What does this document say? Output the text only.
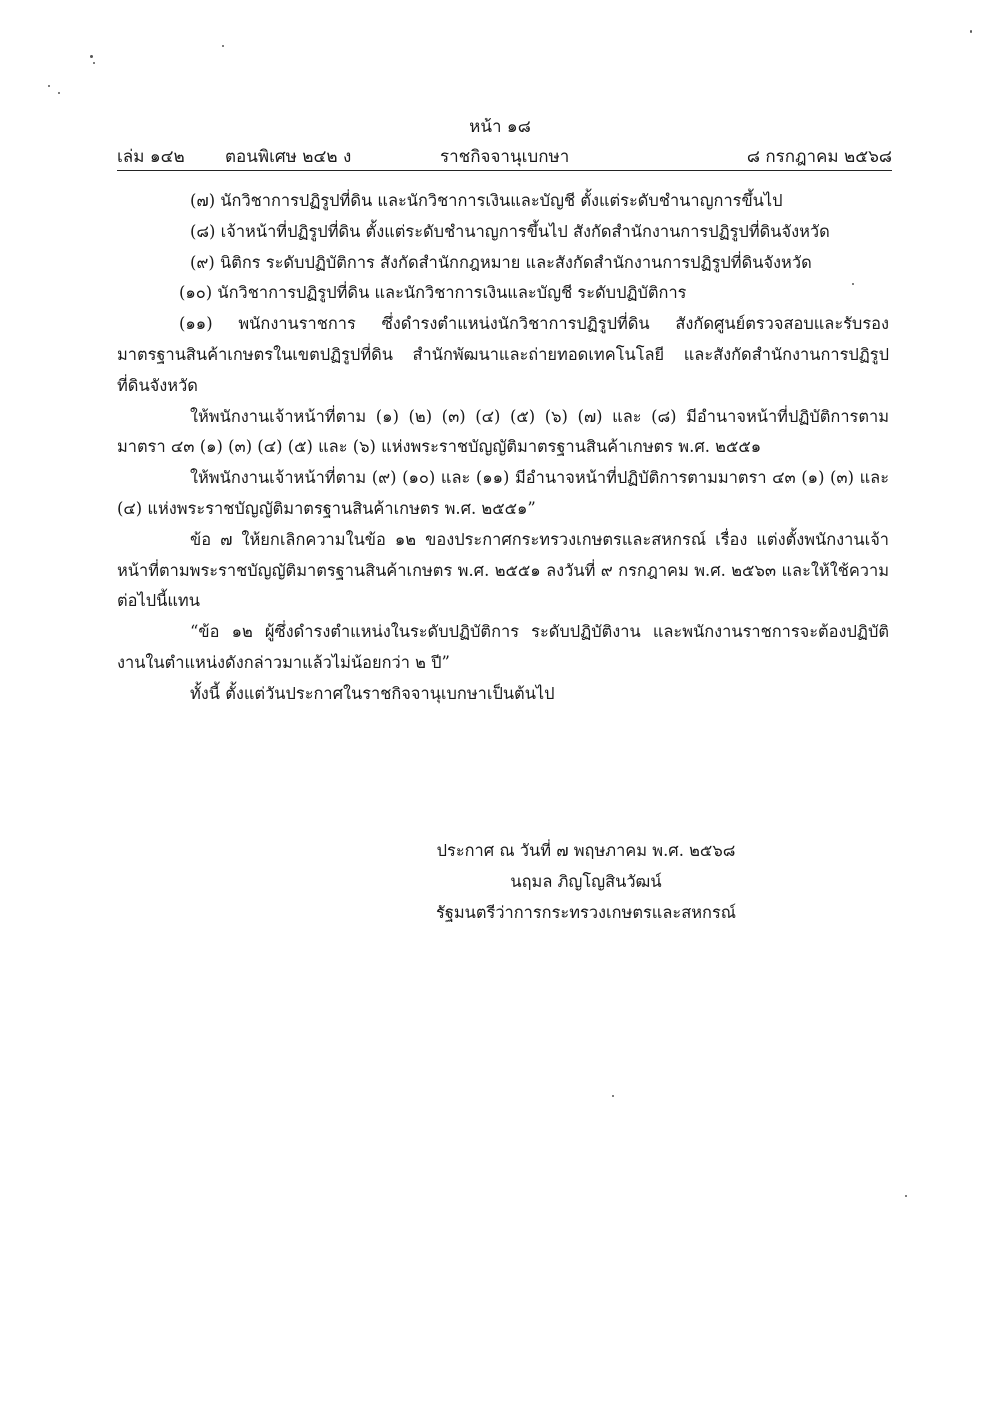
หน้า ๑๘
เล่ม ๑๔๒ ตอนพิเศษ ๒๔๒ ง	ราชกิจจานุเบกษา	๘ กรกฎาคม ๒๕๖๘

(๗) นักวิชาการปฏิรูปที่ดิน และนักวิชาการเงินและบัญชี ตั้งแต่ระดับชำนาญการขึ้นไป

(๘) เจ้าหน้าที่ปฏิรูปที่ดิน ตั้งแต่ระดับชำนาญการขึ้นไป สังกัดสำนักงานการปฏิรูปที่ดินจังหวัด

(๙) นิติกร ระดับปฏิบัติการ สังกัดสำนักกฎหมาย และสังกัดสำนักงานการปฏิรูปที่ดินจังหวัด

(๑๐) นักวิชาการปฏิรูปที่ดิน และนักวิชาการเงินและบัญชี ระดับปฏิบัติการ

(๑๑) พนักงานราชการ ซึ่งดำรงตำแหน่งนักวิชาการปฏิรูปที่ดิน สังกัดศูนย์ตรวจสอบและรับรองมาตรฐานสินค้าเกษตรในเขตปฏิรูปที่ดิน สำนักพัฒนาและถ่ายทอดเทคโนโลยี และสังกัดสำนักงานการปฏิรูปที่ดินจังหวัด

ให้พนักงานเจ้าหน้าที่ตาม (๑) (๒) (๓) (๔) (๕) (๖) (๗) และ (๘) มีอำนาจหน้าที่ปฏิบัติการตามมาตรา ๔๓ (๑) (๓) (๔) (๕) และ (๖) แห่งพระราชบัญญัติมาตรฐานสินค้าเกษตร พ.ศ. ๒๕๕๑

ให้พนักงานเจ้าหน้าที่ตาม (๙) (๑๐) และ (๑๑) มีอำนาจหน้าที่ปฏิบัติการตามมาตรา ๔๓ (๑) (๓) และ (๔) แห่งพระราชบัญญัติมาตรฐานสินค้าเกษตร พ.ศ. ๒๕๕๑”

ข้อ ๗ ให้ยกเลิกความในข้อ ๑๒ ของประกาศกระทรวงเกษตรและสหกรณ์ เรื่อง แต่งตั้งพนักงานเจ้าหน้าที่ตามพระราชบัญญัติมาตรฐานสินค้าเกษตร พ.ศ. ๒๕๕๑ ลงวันที่ ๙ กรกฎาคม พ.ศ. ๒๕๖๓ และให้ใช้ความต่อไปนี้แทน

“ข้อ ๑๒ ผู้ซึ่งดำรงตำแหน่งในระดับปฏิบัติการ ระดับปฏิบัติงาน และพนักงานราชการจะต้องปฏิบัติงานในตำแหน่งดังกล่าวมาแล้วไม่น้อยกว่า ๒ ปี”

ทั้งนี้ ตั้งแต่วันประกาศในราชกิจจานุเบกษาเป็นต้นไป

ประกาศ ณ วันที่ ๗ พฤษภาคม พ.ศ. ๒๕๖๘

นฤมล ภิญโญสินวัฒน์

รัฐมนตรีว่าการกระทรวงเกษตรและสหกรณ์
